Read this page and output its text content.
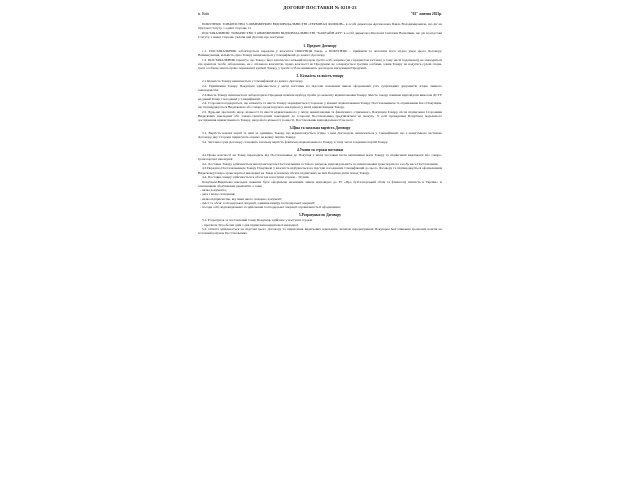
ДОГОВІР ПОСТАВКИ № 0210-23
м. Київ	"02" жовтня 2023р.

ПОКУПЕЦЬ: ТОВАРИСТВО З ОБМЕЖЕНОЮ ВІДПОВІДАЛЬНІСТЮ «ТЕРМІНАЛ ФОРДОН», в особі директора Артамонова Павла Володимировича, що діє на підставі Статуту, з однієї сторони, та

ПОСТАЧАЛЬНИК: ТОВАРИСТВО З ОБМЕЖЕНОЮ ВІДПОВІДАЛЬНІСТЮ "ХАФТАЙН АРТ" в особі директора Масленої Світлани Василівни, що діє на підставі Статуту, з іншої сторони, уклали цей Договір про наступне:

1. Предмет Договору

1.1. ПОСТАЧАЛЬНИК зобов'язується передати у власність ПОКУПЦЯ Товар, а ПОКУПЕЦЬ – прийняти та оплатити його згідно умов цього Договору. Найменування, кількість, ціна Товару визначаються у Специфікації до даного Договору.

1.2. ПОСТАЧАЛЬНИК гарантує, що Товар є його власністю і вільний від прав третіх осіб, зокрема (не є предметом застави ( в тому числі податкової), не знаходиться під арештом та/або заборонною, не є спільною власністю, право власності на Продукцію не оскаржується третіми особами, однак Товару не надутися судові спори, треті особи не мають право переважної купівлі Товару, у третіх осіб не виникають договором відчуження Продукції.

2. Кількість та якість товару

2.1 Кількість Товару визначається у Специфікації до даного Договору.

2.2. Приймання Товару Покупцем здійснюється у місці поставки на підставі належним чином оформлених усіх супровідних документів згідно чинного законодавства.

2.3.Якість Товару визначається лабораторією Продавця шляхом відбору проби до моменту відвантаження Товару. Якість товару повинна відповідати вимогам ДСТУ на даний Товар і погоджені у Специфікації.

2.4. Сторони погоджуються, що кількість та якість Товару перевіряється Стороною у момент відвантаження Товару Постачальником та отриманням його Покупцем, що підтверджується Видатковою або товаро-транспортною накладною у місці відвантаження Товару.

2.5. Будь-які претензії, щодо кількості та якості відвантаженого у місці навантаження та фактичного отриманого Покупцем Товару, після підписання Сторонами Видаткових накладних або товаро-транспортних накладних до Сторони Постачальника пред'являтися не можуть. У разі проведення Покупцем подальшого дослідження відвантаженого Товару, щодо його кількості та якості, Постачальник відповідальності не несе.

3.Ціна та загальна вартість Договору

3.1. Вартість кожної партії та ціна за одиницю Товару, що відвантажується згідно з цим Договором, визначається у Специфікації, що є невід'ємною частиною Договору, яку Сторони підписують окремо на кожну партію Товару.

3.2. Загальна сума Договору становить загальну вартість фактично відвантаженого Товару, в тому числі і окремих партій Товару.

4.Умови та строки поставки

4.1.Право власності на Товар переходить від Постачальника до Покупця у місці поставки після визначення маси Товару та підписання видаткової або товаро-транспортної накладної.

4.2. Доставка Товару здійснюється автотранспортом Постачальника за її його рахунок, відповідальність за навантаження транспортного засобу несе Постачальник.

4.3.Передача Постачальником Товару Покупцеві у власність відбувається на підставі погоджених Специфікацій до цього Договору та підтверджується оформленням Видатковој/товаро-транспортної накладної на Товар в повному обсязі, підписаних не ім'я Покупця діяти понад Товару.

4.4. Поставка товару здійснюється в об'єм так в наступні строки – 30 днів.

Покупцем.Видаткова накладна повинна бути оформлена належним чином відповідно до ЗУ «Про бухгалтерський облік та фінансову звітність в Україні» із зазначенням обов'язкових реквізитів, а саме:

- назва документа;
- дата і місце складання;
- назва підприємства, від імені якого складено документ;
- зміст та обсяг господарської операції, одиниць виміру господарської операції;
- посади осіб, відповідальних за здійснення господарської операції і правильність її оформлення;
5.Розрахунки по Договору

5.1. Розрахунок за поставлений товар Покупець здійснює у наступні строки:

- протягом 30 робочих днів з дня підписання видаткової накладної.

5.2. Оплата здійснюється на підставі цього Договору та підписання видаткових накладних, шляхом перерахування Покупцем безготівкових грошових коштів на поточний рахунок Постачальника.
